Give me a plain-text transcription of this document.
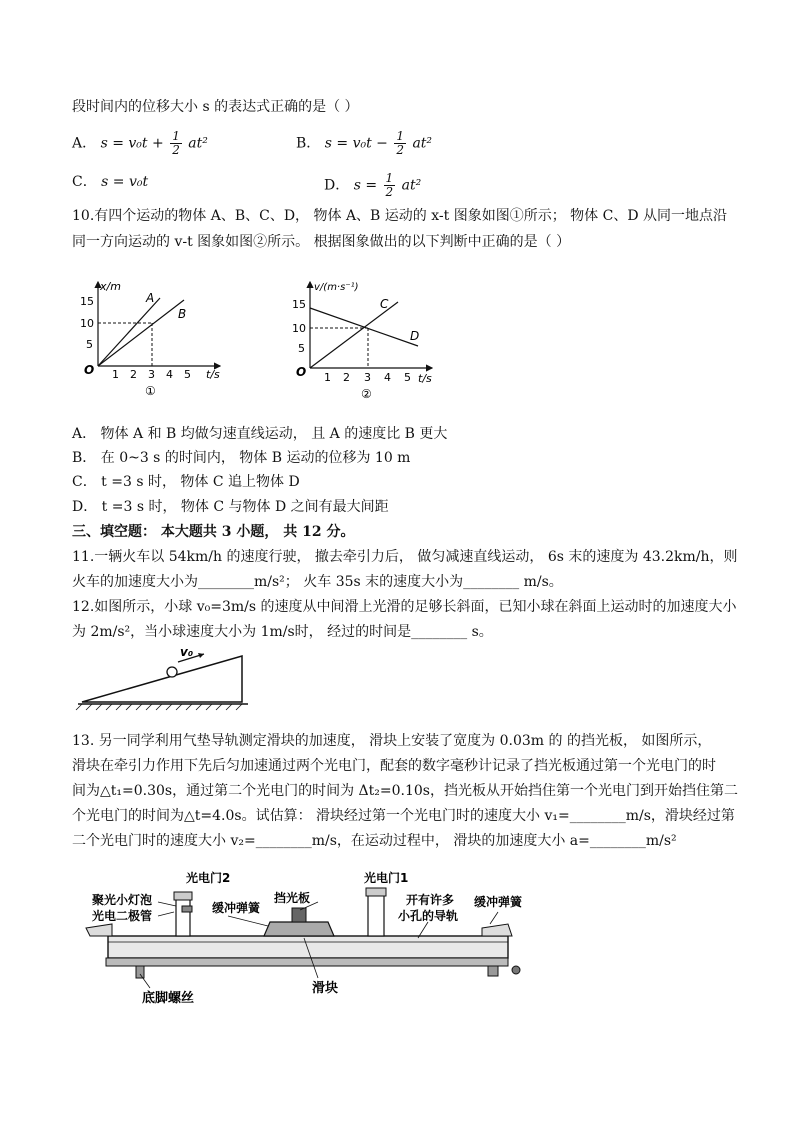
段时间内的位移大小 s 的表达式正确的是（ ）
A． $s = v_0t + \frac{1}{2} at^2$	B． $s = v_0t - \frac{1}{2} at^2$
C． s = v₀t	D． $s = \frac{1}{2} at^2$
10.有四个运动的物体 A、B、C、D， 物体 A、B 运动的 x-t 图象如图①所示； 物体 C、D 从同一地点沿
同一方向运动的 v-t 图象如图②所示。 根据图象做出的以下判断中正确的是（ ）
x/m
t/s
5
10
15
1 2 3 4 5
O
A
B
①
v/(m·s⁻¹)
t/s
5
10
15
1 2 3 4 5
O
C
D
②
A． 物体 A 和 B 均做匀速直线运动， 且 A 的速度比 B 更大
B． 在 0~3 s 的时间内， 物体 B 运动的位移为 10 m
C． t =3 s 时， 物体 C 追上物体 D
D． t =3 s 时， 物体 C 与物体 D 之间有最大间距
三、填空题： 本大题共 3 小题， 共 12 分。
11.一辆火车以 54km/h 的速度行驶， 撤去牵引力后， 做匀减速直线运动， 6s 末的速度为 43.2km/h，则
火车的加速度大小为________m/s²； 火车 35s 末的速度大小为________ m/s。
12.如图所示，小球 v₀=3m/s 的速度从中间滑上光滑的足够长斜面，已知小球在斜面上运动时的加速度大小
为 2m/s²，当小球速度大小为 1m/s时， 经过的时间是________ s。
v₀
13. 另一同学利用气垫导轨测定滑块的加速度， 滑块上安装了宽度为 0.03m 的 的挡光板， 如图所示，
滑块在牵引力作用下先后匀加速通过两个光电门，配套的数字毫秒计记录了挡光板通过第一个光电门的时
间为△t₁=0.30s，通过第二个光电门的时间为 Δt₂=0.10s，挡光板从开始挡住第一个光电门到开始挡住第二
个光电门的时间为△t=4.0s。试估算： 滑块经过第一个光电门时的速度大小 v₁=________m/s，滑块经过第
二个光电门时的速度大小 v₂=________m/s，在运动过程中， 滑块的加速度大小 a=________m/s²
光电门2	光电门1
聚光小灯泡
光电二极管
缓冲弹簧
挡光板	开有许多
小孔的导轨
缓冲弹簧
滑块
底脚螺丝
